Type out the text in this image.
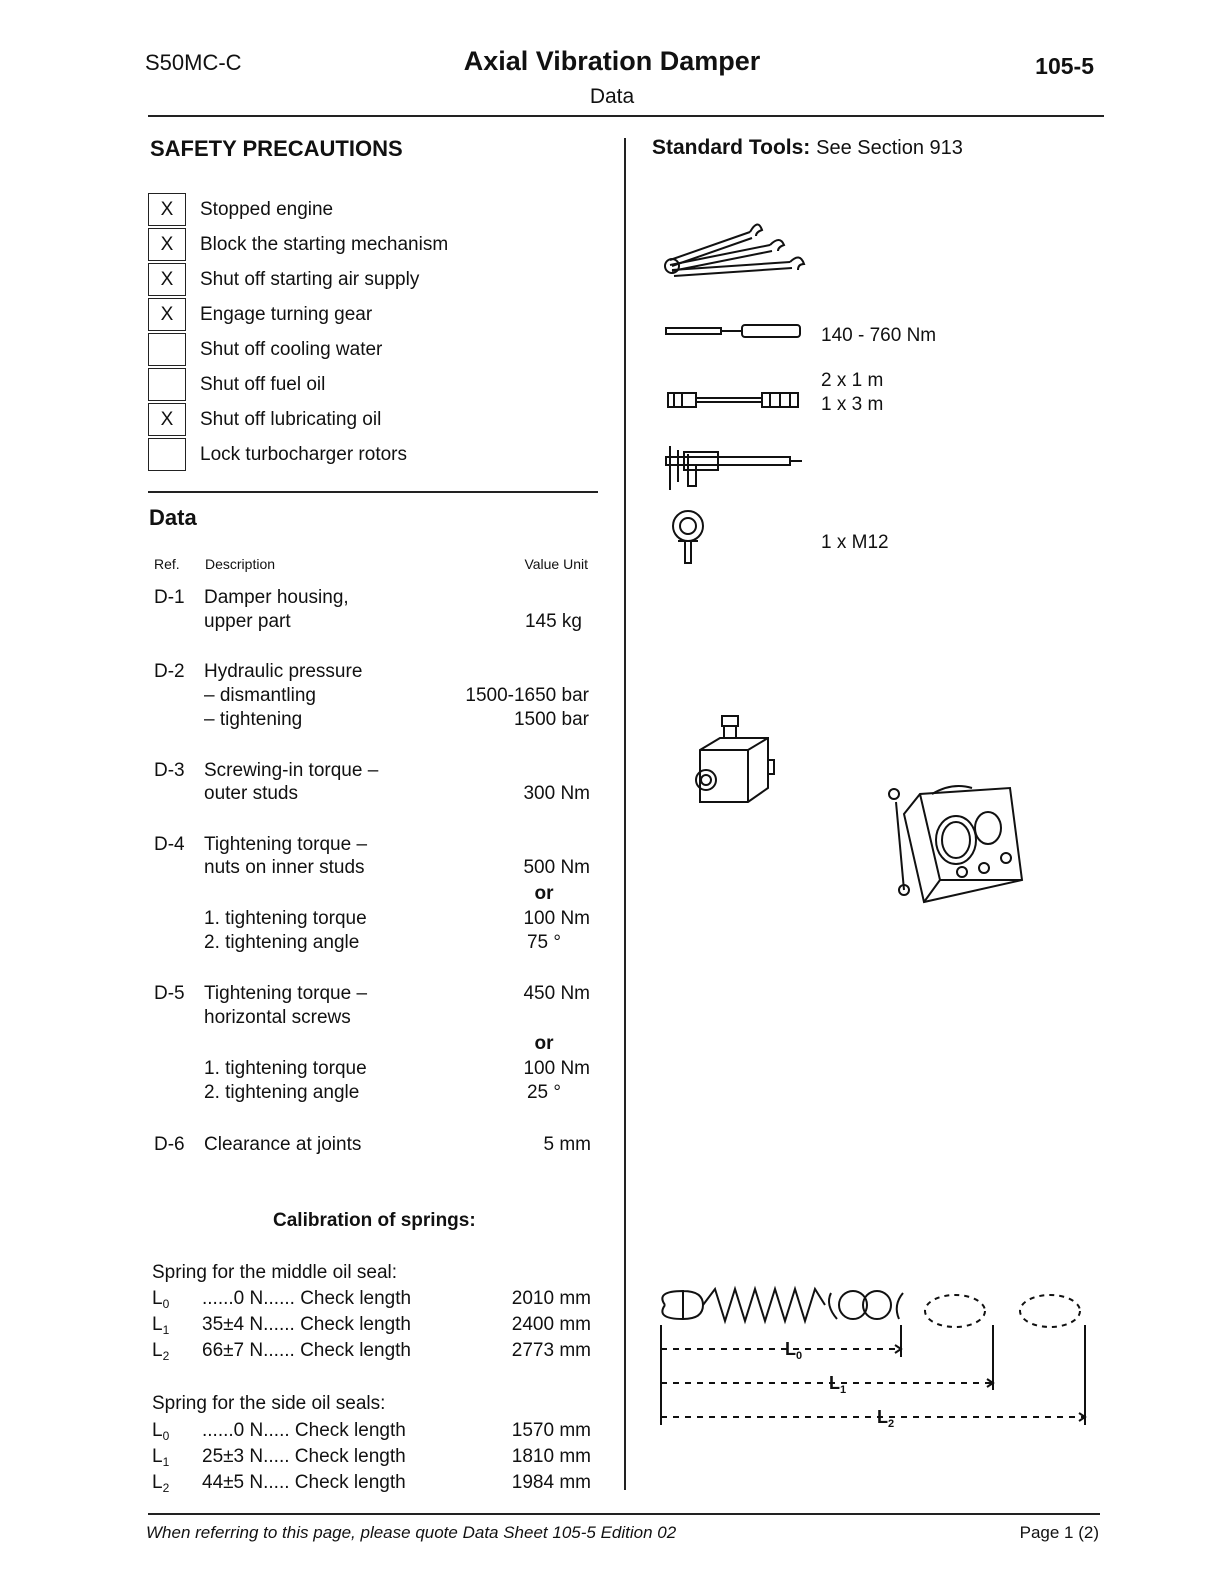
S50MC-C	Axial Vibration Damper
Data
105-5
SAFETY PRECAUTIONS
X	Stopped engine
X	Block the starting mechanism
X	Shut off starting air supply
X	Engage turning gear
Shut off cooling water
Shut off fuel oil
X	Shut off lubricating oil
Lock turbocharger rotors
Data
Ref. Description	Value Unit
D-1 Damper housing,
upper part	145 kg
D-2 Hydraulic pressure
– dismantling	1500-1650 bar
– tightening	1500 bar
D-3 Screwing-in torque –
outer studs	300 Nm
D-4 Tightening torque –
nuts on inner studs	500 Nm
or
1. tightening torque	100 Nm
2. tightening angle	75 °
D-5 Tightening torque –	450 Nm
horizontal screws
or
1. tightening torque	100 Nm
2. tightening angle	25 °
D-6 Clearance at joints	5 mm
Calibration of springs:
Spring for the middle oil seal:
$L_0$ ......0 N...... Check length	2010 mm
$L_1$ 35±4 N...... Check length	2400 mm
$L_2$ 66±7 N...... Check length	2773 mm
Spring for the side oil seals:
$L_0$ ......0 N..... Check length	1570 mm
$L_1$ 25±3 N..... Check length	1810 mm
$L_2$ 44±5 N..... Check length	1984 mm
Standard Tools: See Section 913
140 - 760 Nm
2 x 1 m
1 x 3 m
1 x M12
$L_0$
$L_1$
$L_2$
When referring to this page, please quote Data Sheet 105-5 Edition 02	Page 1 (2)
